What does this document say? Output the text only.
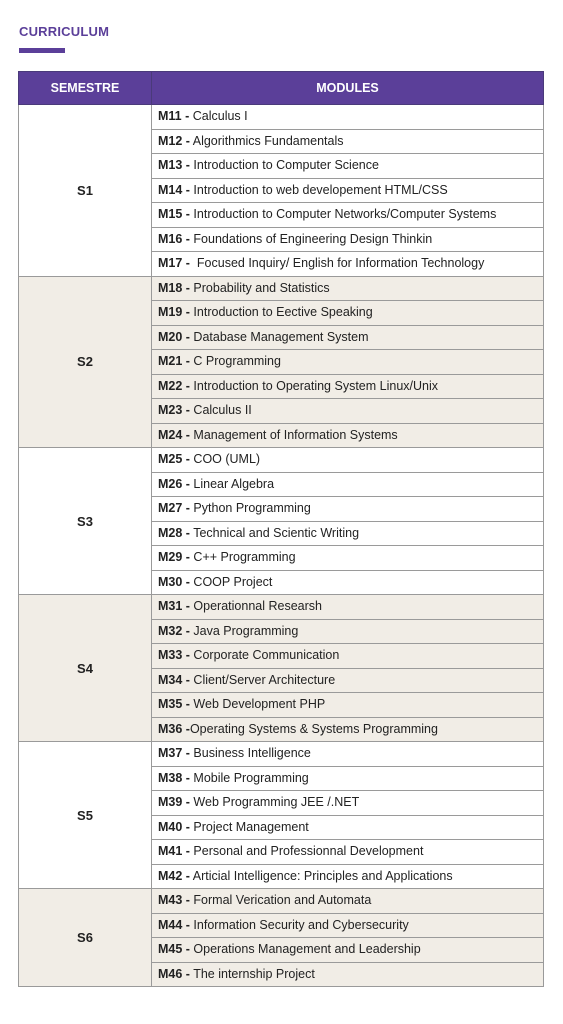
CURRICULUM
SEMESTRE	MODULES
S1	M11 - Calculus I
	M12 - Algorithmics Fundamentals
	M13 - Introduction to Computer Science
	M14 - Introduction to web developement HTML/CSS
	M15 - Introduction to Computer Networks/Computer Systems
	M16 - Foundations of Engineering Design Thinkin
	M17 -  Focused Inquiry/ English for Information Technology
S2	M18 - Probability and Statistics
	M19 - Introduction to Eective Speaking
	M20 - Database Management System
	M21 - C Programming
	M22 - Introduction to Operating System Linux/Unix
	M23 - Calculus II
	M24 - Management of Information Systems
S3	M25 - COO (UML)
	M26 - Linear Algebra
	M27 - Python Programming
	M28 - Technical and Scientic Writing
	M29 - C++ Programming
	M30 - COOP Project
S4	M31 - Operationnal Researsh
	M32 - Java Programming
	M33 - Corporate Communication
	M34 - Client/Server Architecture
	M35 - Web Development PHP
	M36 -Operating Systems & Systems Programming
S5	M37 - Business Intelligence
	M38 - Mobile Programming
	M39 - Web Programming JEE /.NET
	M40 - Project Management
	M41 - Personal and Professionnal Development
	M42 - Articial Intelligence: Principles and Applications
S6	M43 - Formal Verication and Automata
	M44 - Information Security and Cybersecurity
	M45 - Operations Management and Leadership
	M46 - The internship Project
